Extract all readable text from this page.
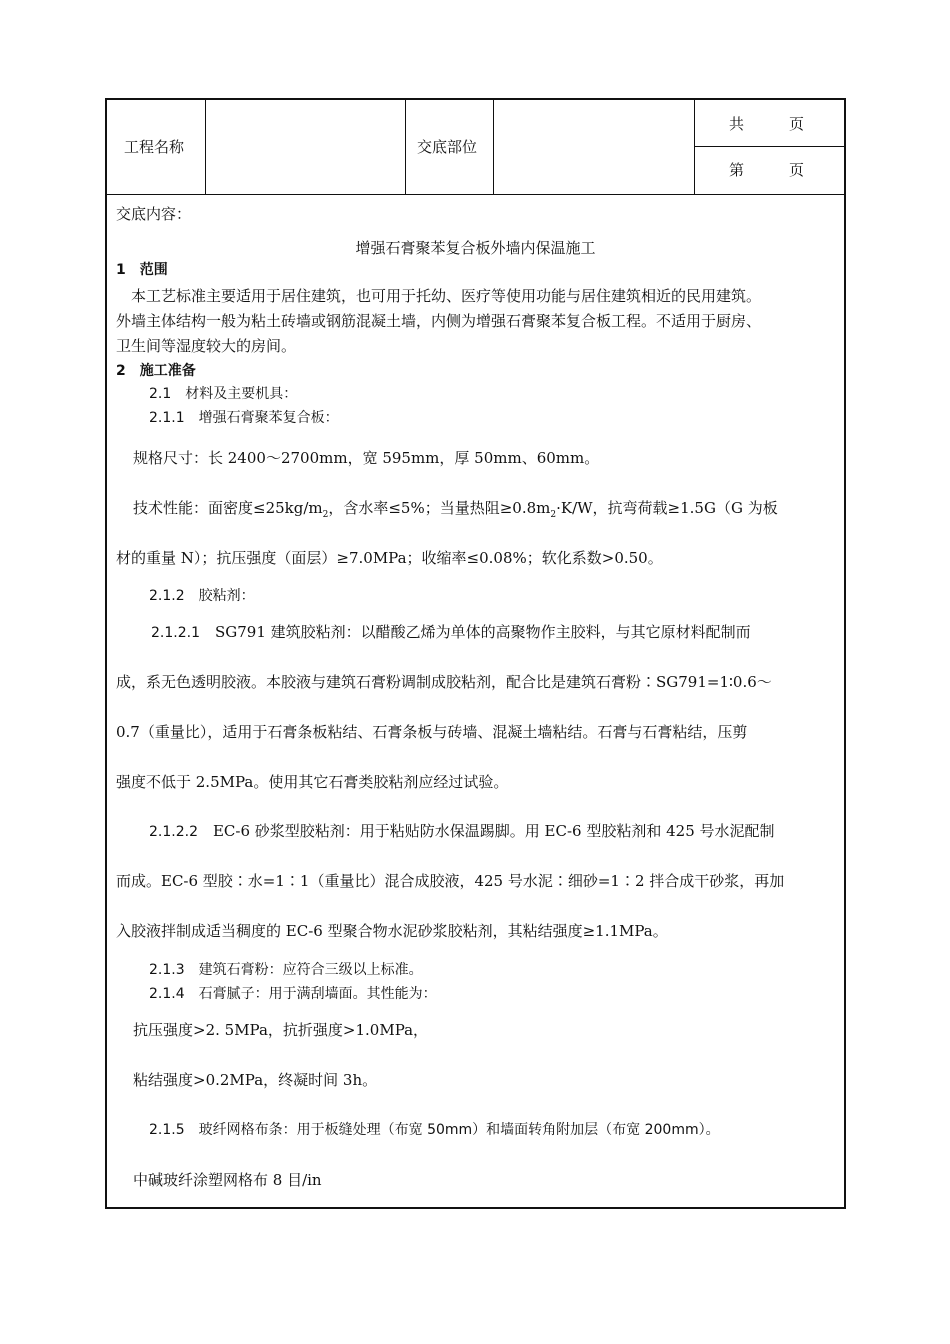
工程名称	交底部位
共　　　页
第　　　页
交底内容：
增强石膏聚苯复合板外墙内保温施工
1　范围
本工艺标准主要适用于居住建筑，也可用于托幼、医疗等使用功能与居住建筑相近的民用建筑。
外墙主体结构一般为粘土砖墙或钢筋混凝土墙，内侧为增强石膏聚苯复合板工程。不适用于厨房、
卫生间等湿度较大的房间。
2　施工准备
2.1　材料及主要机具：
2.1.1　增强石膏聚苯复合板：
规格尺寸：长 2400～2700mm，宽 595mm，厚 50mm、60mm。
技术性能：面密度$\le 25kg/m_2$，含水率≤5%；当量热阻$\ge 0.8m_2\cdot K/W$，抗弯荷载≥1.5G（G 为板
材的重量 N）；抗压强度（面层）≥7.0MPa；收缩率≤0.08%；软化系数>0.50。
2.1.2　胶粘剂：
2.1.2.1　SG791 建筑胶粘剂：以醋酸乙烯为单体的高聚物作主胶料，与其它原材料配制而
成，系无色透明胶液。本胶液与建筑石膏粉调制成胶粘剂，配合比是建筑石膏粉∶SG791=1∶0.6～
0.7（重量比），适用于石膏条板粘结、石膏条板与砖墙、混凝土墙粘结。石膏与石膏粘结，压剪
强度不低于 2.5MPa。使用其它石膏类胶粘剂应经过试验。
2.1.2.2　EC-6 砂浆型胶粘剂：用于粘贴防水保温踢脚。用 EC-6 型胶粘剂和 425 号水泥配制
而成。EC-6 型胶∶水=1∶1（重量比）混合成胶液，425 号水泥∶细砂=1∶2 拌合成干砂浆，再加
入胶液拌制成适当稠度的 EC-6 型聚合物水泥砂浆胶粘剂，其粘结强度≥1.1MPa。
2.1.3　建筑石膏粉：应符合三级以上标准。
2.1.4　石膏腻子：用于满刮墙面。其性能为：
抗压强度>2. 5MPa，抗折强度>1.0MPa，
粘结强度>0.2MPa，终凝时间 3h。
2.1.5　玻纤网格布条：用于板缝处理（布宽 50mm）和墙面转角附加层（布宽 200mm）。
中碱玻纤涂塑网格布 8 目/in
